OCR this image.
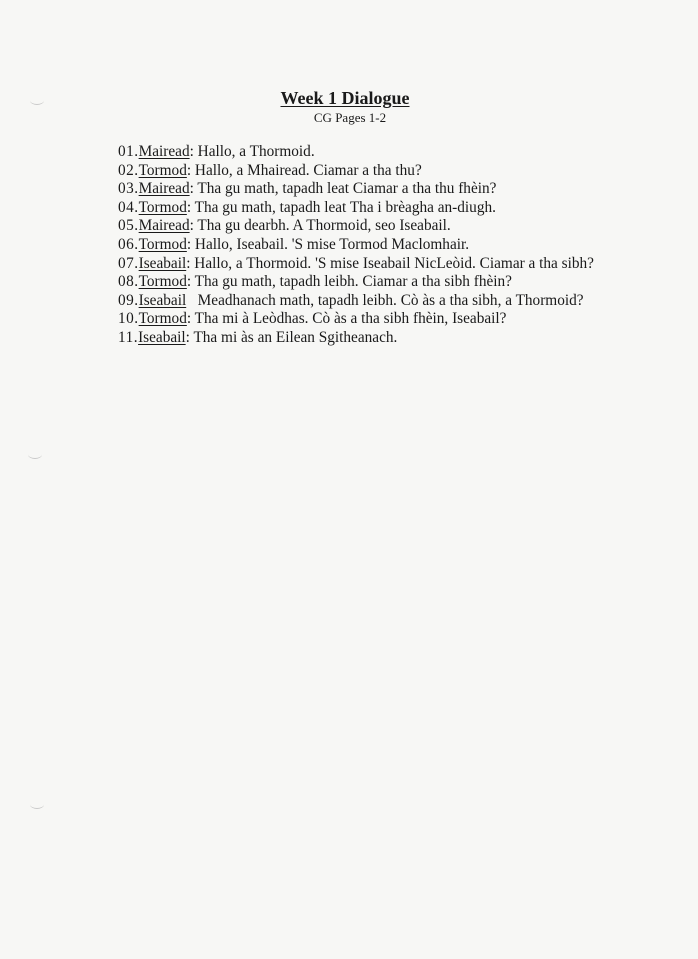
Week 1 Dialogue
CG Pages 1-2
01.Mairead: Hallo, a Thormoid.
02.Tormod: Hallo, a Mhairead. Ciamar a tha thu?
03.Mairead: Tha gu math, tapadh leat Ciamar a tha thu fhèin?
04.Tormod: Tha gu math, tapadh leat Tha i brèagha an-diugh.
05.Mairead: Tha gu dearbh. A Thormoid, seo Iseabail.
06.Tormod: Hallo, Iseabail. 'S mise Tormod Maclomhair.
07.Iseabail: Hallo, a Thormoid. 'S mise Iseabail NicLeòid. Ciamar a tha sibh?
08.Tormod: Tha gu math, tapadh leibh. Ciamar a tha sibh fhèin?
09.Iseabail   Meadhanach math, tapadh leibh. Cò às a tha sibh, a Thormoid?
10.Tormod: Tha mi à Leòdhas. Cò às a tha sibh fhèin, Iseabail?
11.Iseabail: Tha mi às an Eilean Sgitheanach.
